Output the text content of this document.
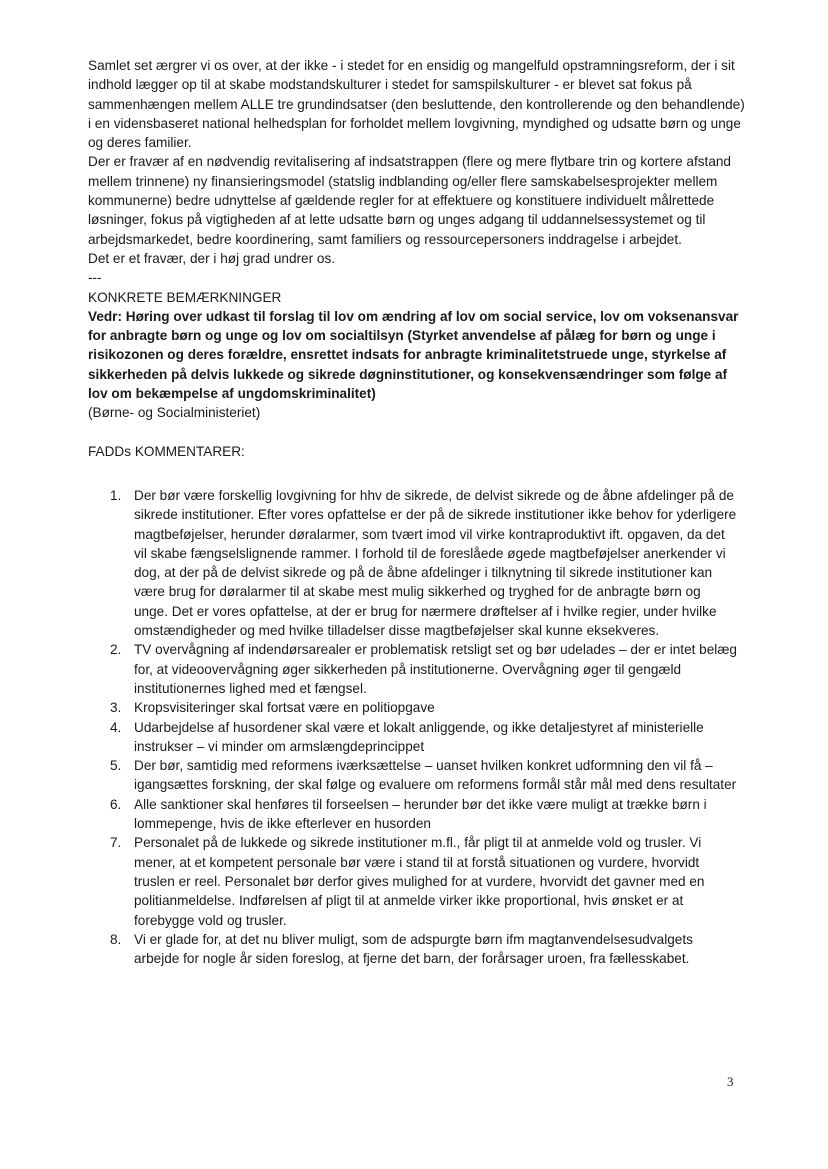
Samlet set ærgrer vi os over, at der ikke - i stedet for en ensidig og mangelfuld opstramningsreform, der i sit indhold lægger op til at skabe modstandskulturer i stedet for samspilskulturer - er blevet sat fokus på sammenhængen mellem ALLE tre grundindsatser (den besluttende, den kontrollerende og den behandlende) i en vidensbaseret national helhedsplan for forholdet mellem lovgivning, myndighed og udsatte børn og unge og deres familier.

Der er fravær af en nødvendig revitalisering af indsatstrappen (flere og mere flytbare trin og kortere afstand mellem trinnene) ny finansieringsmodel (statslig indblanding og/eller flere samskabelsesprojekter mellem kommunerne) bedre udnyttelse af gældende regler for at effektuere og konstituere individuelt målrettede løsninger, fokus på vigtigheden af at lette udsatte børn og unges adgang til uddannelsessystemet og til arbejdsmarkedet, bedre koordinering, samt familiers og ressourcepersoners inddragelse i arbejdet.

Det er et fravær, der i høj grad undrer os.

---

KONKRETE BEMÆRKNINGER

Vedr: Høring over udkast til forslag til lov om ændring af lov om social service, lov om voksenansvar for anbragte børn og unge og lov om socialtilsyn (Styrket anvendelse af pålæg for børn og unge i risikozonen og deres forældre, ensrettet indsats for anbragte kriminalitetstruede unge, styrkelse af sikkerheden på delvis lukkede og sikrede døgninstitutioner, og konsekvensændringer som følge af lov om bekæmpelse af ungdomskriminalitet)

(Børne- og Socialministeriet)

FADDs KOMMENTARER:

1. Der bør være forskellig lovgivning for hhv de sikrede, de delvist sikrede og de åbne afdelinger på de sikrede institutioner. Efter vores opfattelse er der på de sikrede institutioner ikke behov for yderligere magtbeføjelser, herunder døralarmer, som tvært imod vil virke kontraproduktivt ift. opgaven, da det vil skabe fængselslignende rammer. I forhold til de foreslåede øgede magtbeføjelser anerkender vi dog, at der på de delvist sikrede og på de åbne afdelinger i tilknytning til sikrede institutioner kan være brug for døralarmer til at skabe mest mulig sikkerhed og tryghed for de anbragte børn og unge. Det er vores opfattelse, at der er brug for nærmere drøftelser af i hvilke regier, under hvilke omstændigheder og med hvilke tilladelser disse magtbeføjelser skal kunne eksekveres.
2. TV overvågning af indendørsarealer er problematisk retsligt set og bør udelades – der er intet belæg for, at videoovervågning øger sikkerheden på institutionerne. Overvågning øger til gengæld institutionernes lighed med et fængsel.
3. Kropsvisiteringer skal fortsat være en politiopgave
4. Udarbejdelse af husordener skal være et lokalt anliggende, og ikke detaljestyret af ministerielle instrukser – vi minder om armslængdeprincippet
5. Der bør, samtidig med reformens iværksættelse – uanset hvilken konkret udformning den vil få – igangsættes forskning, der skal følge og evaluere om reformens formål står mål med dens resultater
6. Alle sanktioner skal henføres til forseelsen – herunder bør det ikke være muligt at trække børn i lommepenge, hvis de ikke efterlever en husorden
7. Personalet på de lukkede og sikrede institutioner m.fl., får pligt til at anmelde vold og trusler. Vi mener, at et kompetent personale bør være i stand til at forstå situationen og vurdere, hvorvidt truslen er reel. Personalet bør derfor gives mulighed for at vurdere, hvorvidt det gavner med en politianmeldelse. Indførelsen af pligt til at anmelde virker ikke proportional, hvis ønsket er at forebygge vold og trusler.
8. Vi er glade for, at det nu bliver muligt, som de adspurgte børn ifm magtanvendelsesudvalgets arbejde for nogle år siden foreslog, at fjerne det barn, der forårsager uroen, fra fællesskabet.
3
